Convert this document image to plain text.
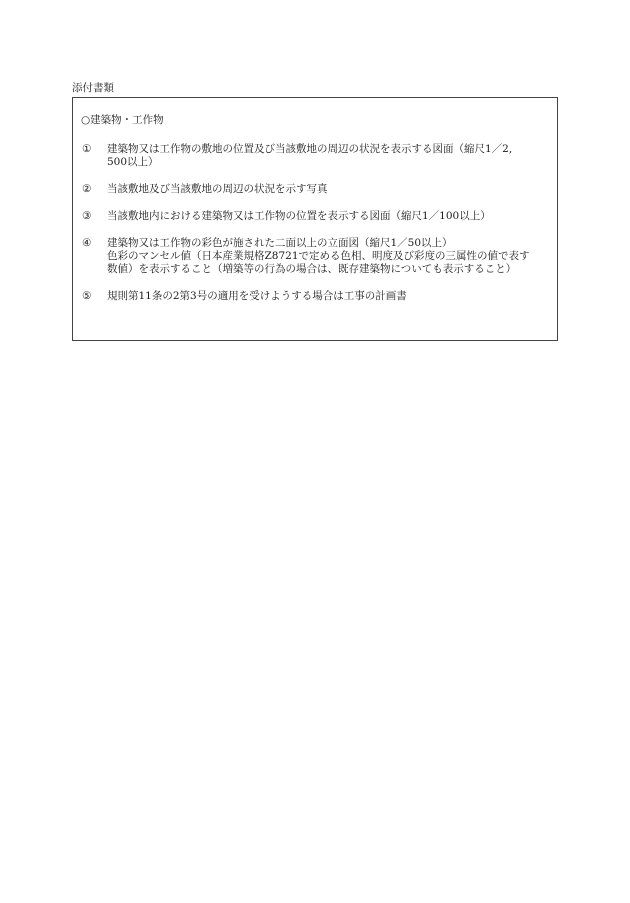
添付書類
○建築物・工作物
①	建築物又は工作物の敷地の位置及び当該敷地の周辺の状況を表示する図面（縮尺1／2,
500以上）
②	当該敷地及び当該敷地の周辺の状況を示す写真
③	当該敷地内における建築物又は工作物の位置を表示する図面（縮尺1／100以上）
④	建築物又は工作物の彩色が施された二面以上の立面図（縮尺1／50以上）
色彩のマンセル値（日本産業規格Z8721で定める色相、明度及び彩度の三属性の値で表す
数値）を表示すること（増築等の行為の場合は、既存建築物についても表示すること）
⑤	規則第11条の2第3号の適用を受けようする場合は工事の計画書
